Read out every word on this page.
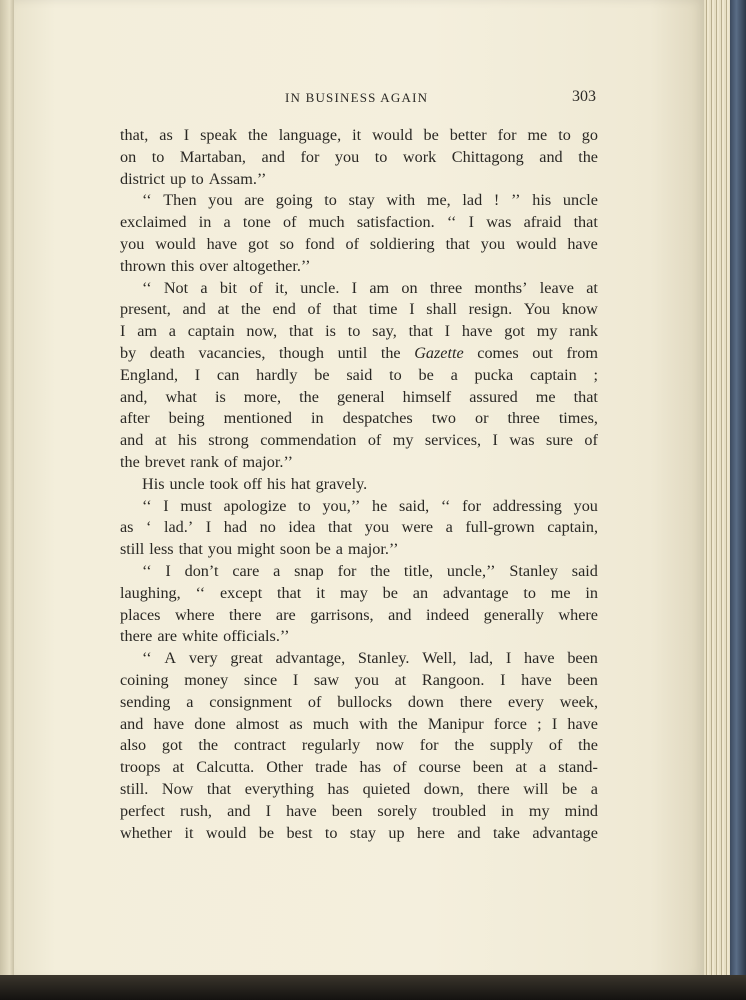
IN BUSINESS AGAIN	303
that, as I speak the language, it would be better for me to go
on to Martaban, and for you to work Chittagong and the
district up to Assam.’’
‘‘ Then you are going to stay with me, lad ! ’’ his uncle
exclaimed in a tone of much satisfaction. ‘‘ I was afraid that
you would have got so fond of soldiering that you would have
thrown this over altogether.’’
‘‘ Not a bit of it, uncle. I am on three months’ leave at
present, and at the end of that time I shall resign. You know
I am a captain now, that is to say, that I have got my rank
by death vacancies, though until the Gazette comes out from
England, I can hardly be said to be a pucka captain ;
and, what is more, the general himself assured me that
after being mentioned in despatches two or three times,
and at his strong commendation of my services, I was sure of
the brevet rank of major.’’
His uncle took off his hat gravely.
‘‘ I must apologize to you,’’ he said, ‘‘ for addressing you
as ‘ lad.’ I had no idea that you were a full-grown captain,
still less that you might soon be a major.’’
‘‘ I don’t care a snap for the title, uncle,’’ Stanley said
laughing, ‘‘ except that it may be an advantage to me in
places where there are garrisons, and indeed generally where
there are white officials.’’
‘‘ A very great advantage, Stanley. Well, lad, I have been
coining money since I saw you at Rangoon. I have been
sending a consignment of bullocks down there every week,
and have done almost as much with the Manipur force ; I have
also got the contract regularly now for the supply of the
troops at Calcutta. Other trade has of course been at a stand-
still. Now that everything has quieted down, there will be a
perfect rush, and I have been sorely troubled in my mind
whether it would be best to stay up here and take advantage
